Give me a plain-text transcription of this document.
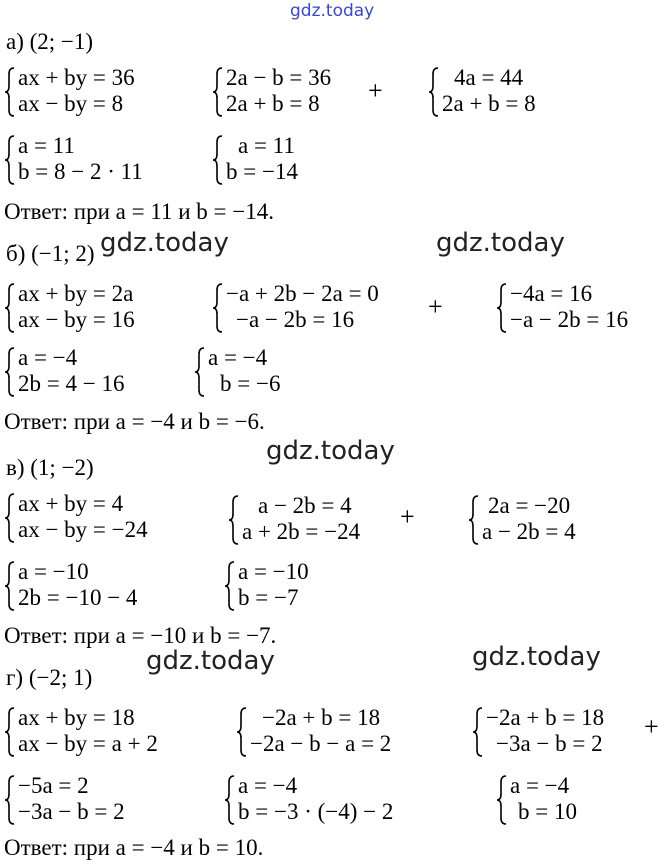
gdz.today
а) (2; −1)
ax + by = 36
ax − by = 8
2a − b = 36
2a + b = 8 +	4a = 44
2a + b = 8
a = 11
b = 8 − 2 · 11
a = 11
b = −14
Ответ: при a = 11 и b = −14.
б) (−1; 2) gdz.today	gdz.today
ax + by = 2a
ax − by = 16
−a + 2b − 2a = 0
−a − 2b = 16	+	−4a = 16
−a − 2b = 16
a = −4
2b = 4 − 16
a = −4
b = −6
Ответ: при a = −4 и b = −6.
в) (1; −2)
gdz.today
ax + by = 4
ax − by = −24
a − 2b = 4
a + 2b = −24
+	2a = −20
a − 2b = 4
a = −10
2b = −10 − 4
a = −10
b = −7
Ответ: при a = −10 и b = −7.
г) (−2; 1)
gdz.today	gdz.today
ax + by = 18
ax − by = a + 2
−2a + b = 18
−2a − b − a = 2
−2a + b = 18
−3a − b = 2
+
−5a = 2
−3a − b = 2
a = −4
b = −3 · (−4) − 2
a = −4
b = 10
Ответ: при a = −4 и b = 10.
